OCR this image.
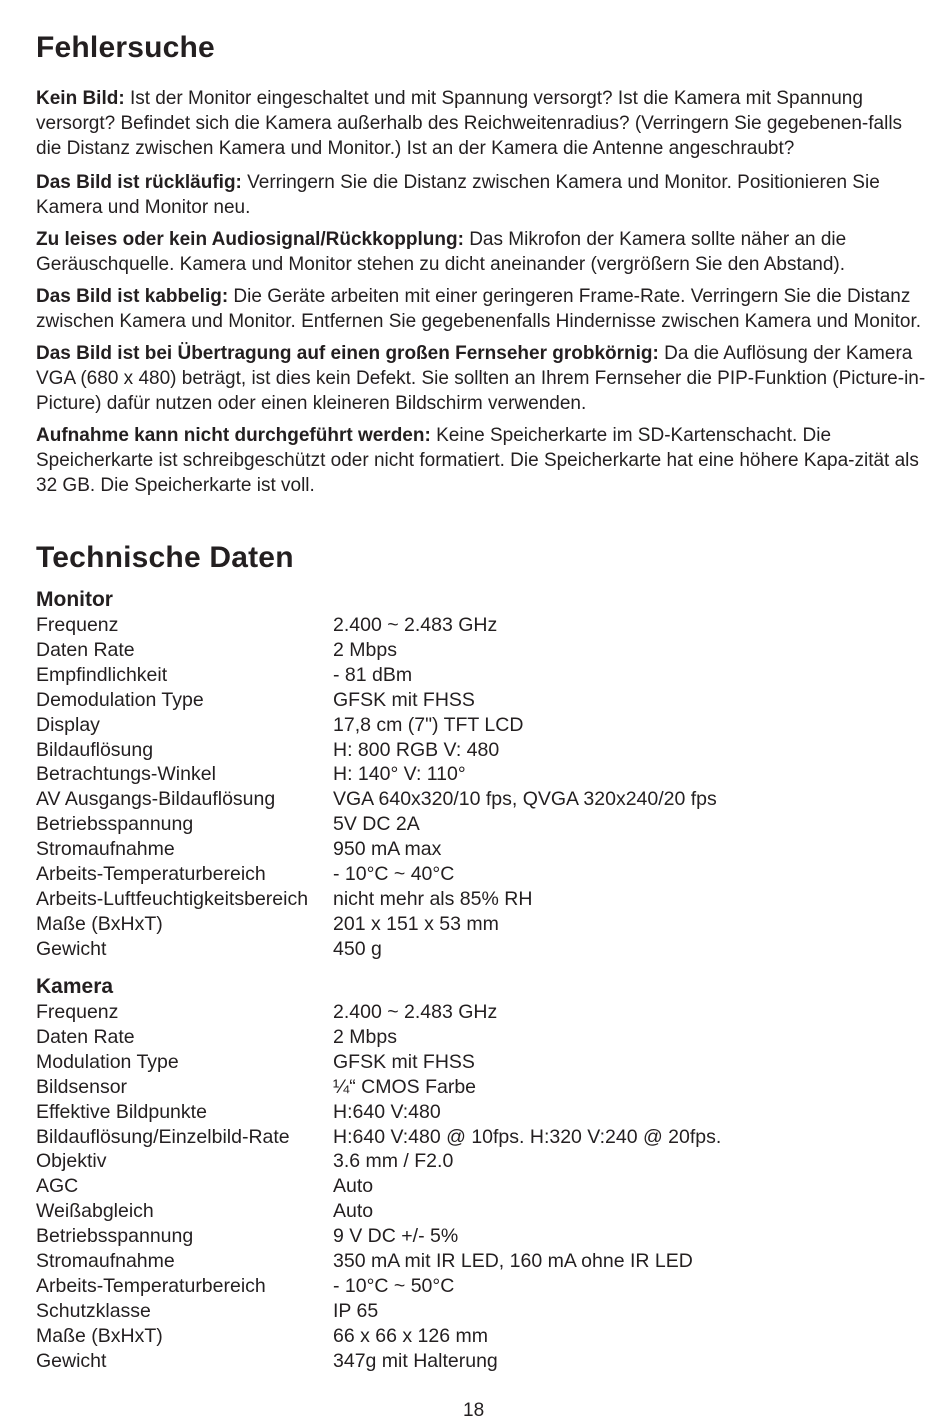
Fehlersuche

Kein Bild: Ist der Monitor eingeschaltet und mit Spannung versorgt? Ist die Kamera mit Spannung versorgt? Befindet sich die Kamera außerhalb des Reichweitenradius? (Verringern Sie gegebenen-falls die Distanz zwischen Kamera und Monitor.) Ist an der Kamera die Antenne angeschraubt?

Das Bild ist rückläufig: Verringern Sie die Distanz zwischen Kamera und Monitor. Positionieren Sie Kamera und Monitor neu.

Zu leises oder kein Audiosignal/Rückkopplung: Das Mikrofon der Kamera sollte näher an die Geräuschquelle. Kamera und Monitor stehen zu dicht aneinander (vergrößern Sie den Abstand).

Das Bild ist kabbelig: Die Geräte arbeiten mit einer geringeren Frame-Rate. Verringern Sie die Distanz zwischen Kamera und Monitor. Entfernen Sie gegebenenfalls Hindernisse zwischen Kamera und Monitor.

Das Bild ist bei Übertragung auf einen großen Fernseher grobkörnig: Da die Auflösung der Kamera VGA (680 x 480) beträgt, ist dies kein Defekt. Sie sollten an Ihrem Fernseher die PIP-Funktion (Picture-in-Picture) dafür nutzen oder einen kleineren Bildschirm verwenden.

Aufnahme kann nicht durchgeführt werden: Keine Speicherkarte im SD-Kartenschacht. Die Speicherkarte ist schreibgeschützt oder nicht formatiert. Die Speicherkarte hat eine höhere Kapa-zität als 32 GB. Die Speicherkarte ist voll.

Technische Daten
Monitor
Frequenz	2.400 ~ 2.483 GHz
Daten Rate	2 Mbps
Empfindlichkeit	- 81 dBm
Demodulation Type	GFSK mit FHSS
Display	17,8 cm (7") TFT LCD
Bildauflösung	H: 800 RGB V: 480
Betrachtungs-Winkel	H: 140° V: 110°
AV Ausgangs-Bildauflösung	VGA 640x320/10 fps, QVGA 320x240/20 fps
Betriebsspannung	5V DC 2A
Stromaufnahme	950 mA max
Arbeits-Temperaturbereich	- 10°C ~ 40°C
Arbeits-Luftfeuchtigkeitsbereich	nicht mehr als 85% RH
Maße (BxHxT)	201 x 151 x 53 mm
Gewicht	450 g
Kamera
Frequenz	2.400 ~ 2.483 GHz
Daten Rate	2 Mbps
Modulation Type	GFSK mit FHSS
Bildsensor	¼“ CMOS Farbe
Effektive Bildpunkte	H:640 V:480
Bildauflösung/Einzelbild-Rate	H:640 V:480 @ 10fps. H:320 V:240 @ 20fps.
Objektiv	3.6 mm / F2.0
AGC	Auto
Weißabgleich	Auto
Betriebsspannung	9 V DC +/- 5%
Stromaufnahme	350 mA mit IR LED, 160 mA ohne IR LED
Arbeits-Temperaturbereich	- 10°C ~ 50°C
Schutzklasse	IP 65
Maße (BxHxT)	66 x 66 x 126 mm
Gewicht	347g mit Halterung
18
